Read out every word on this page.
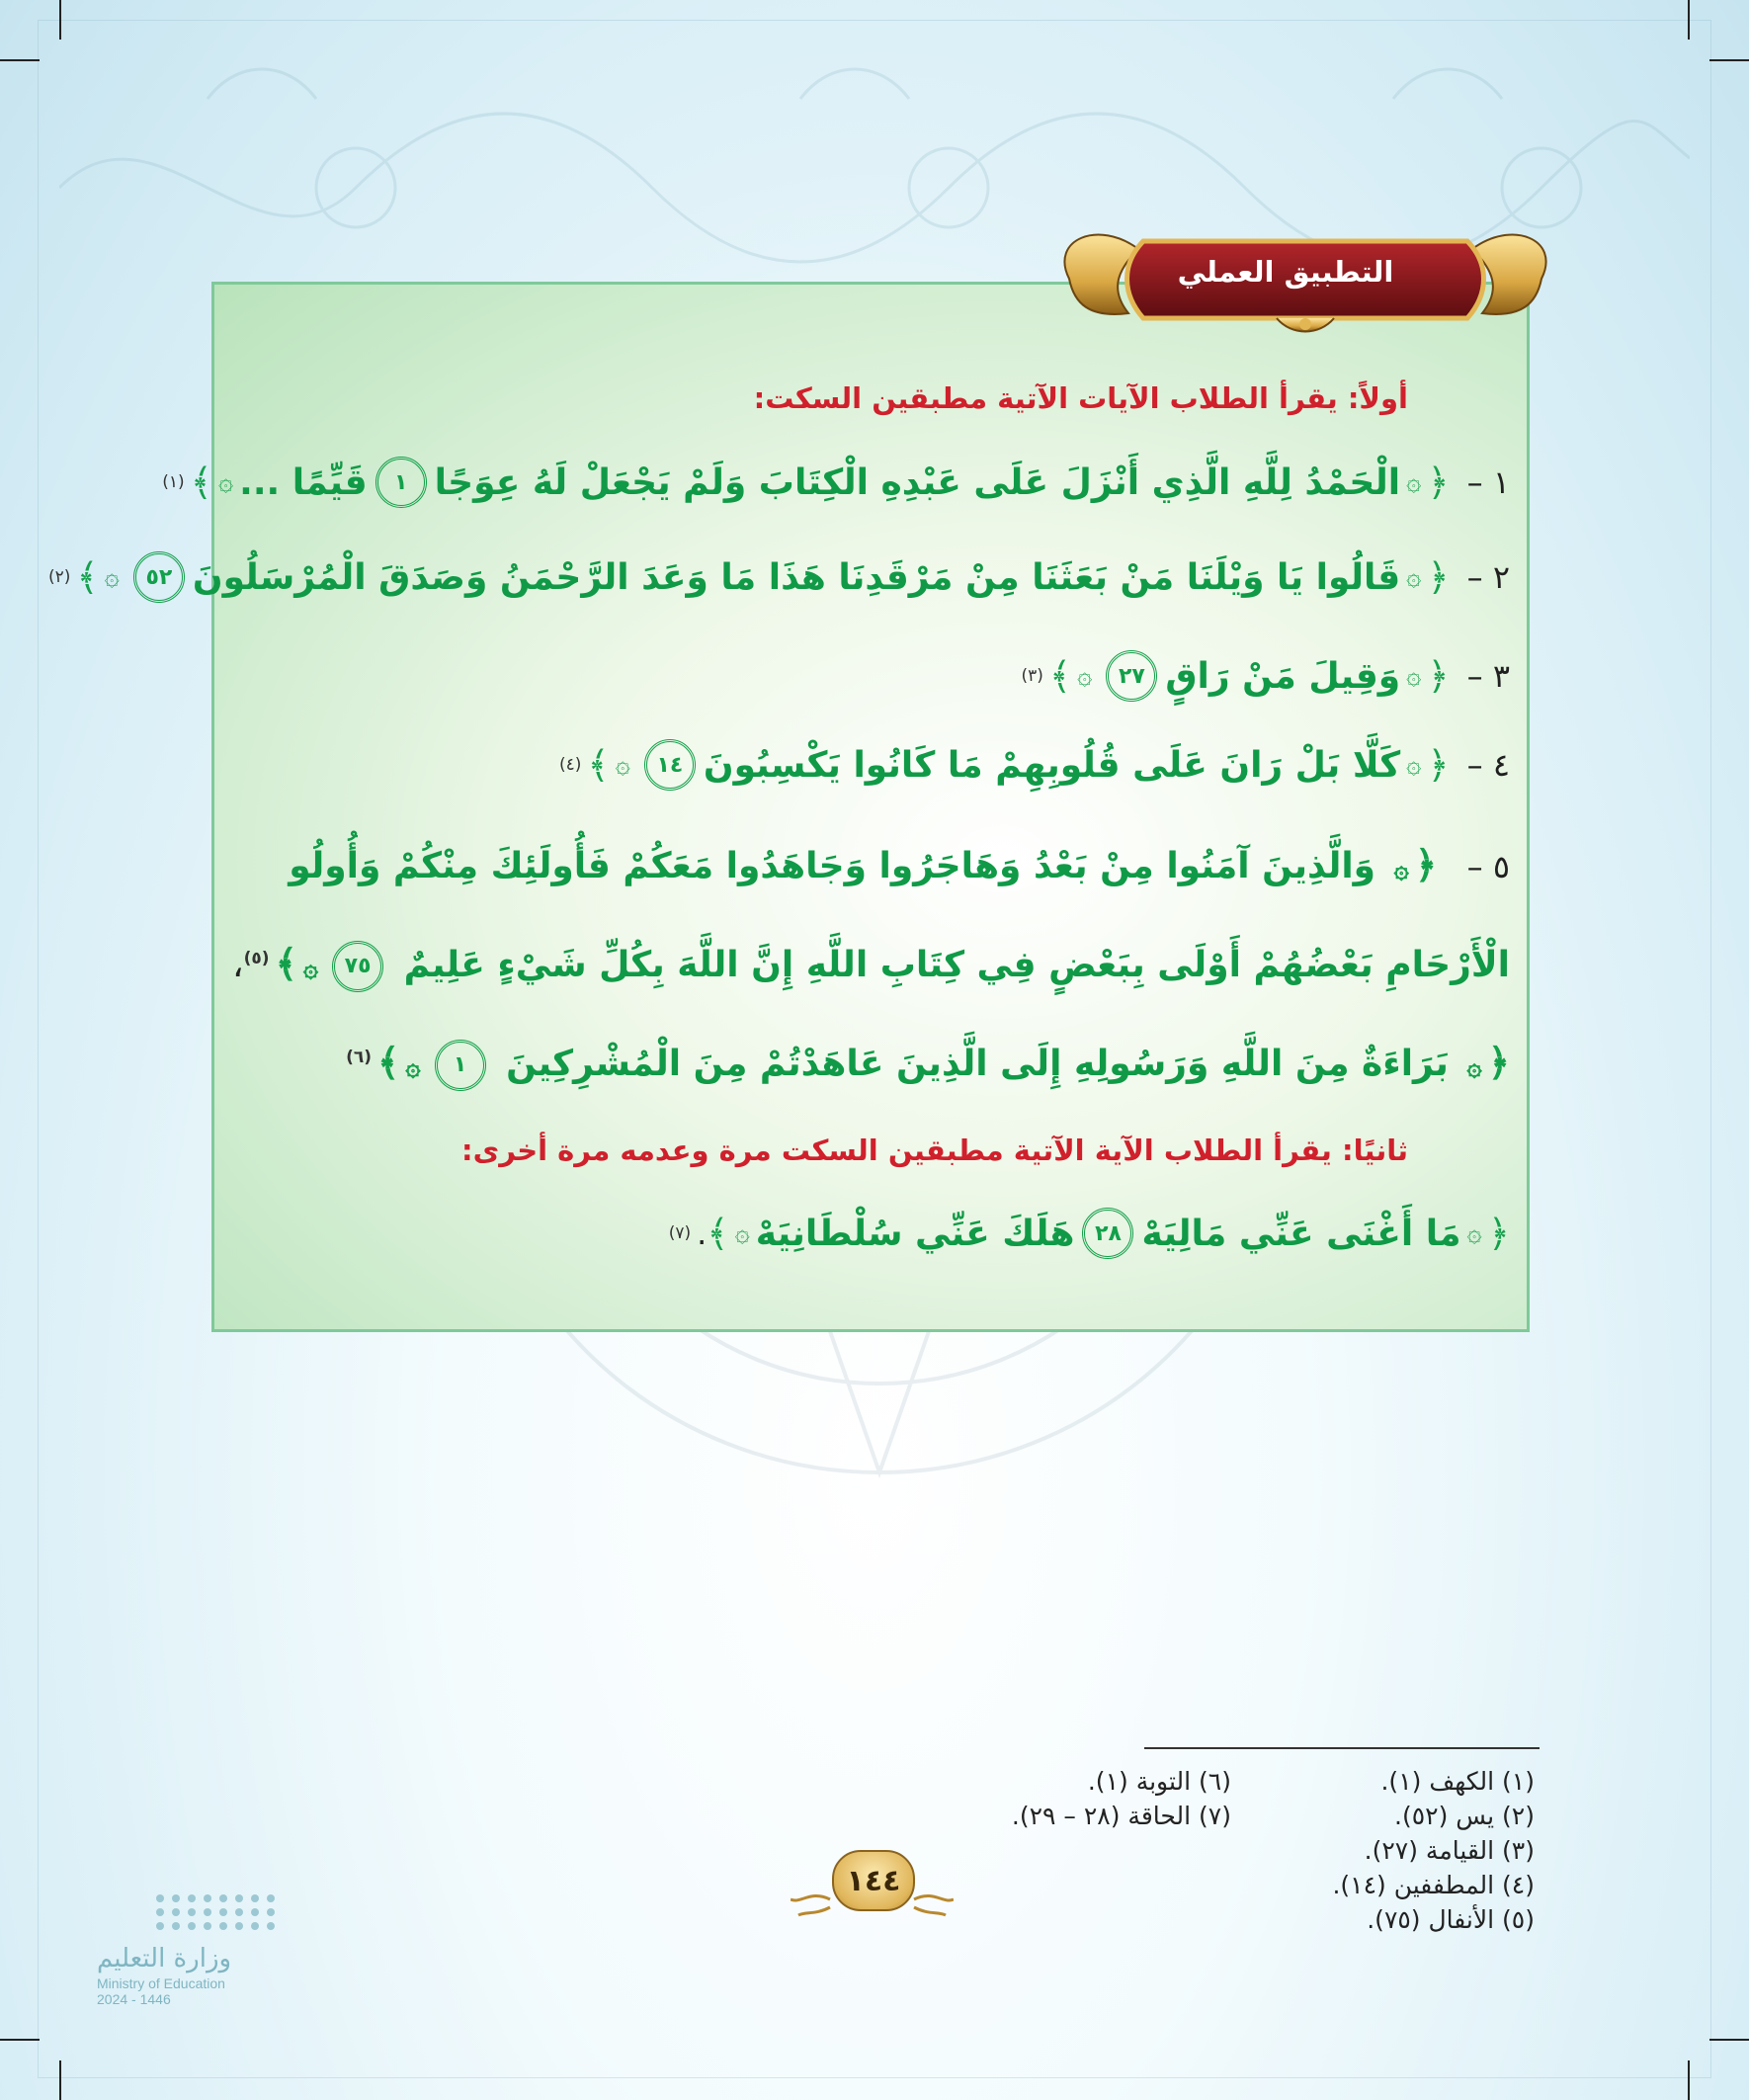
التطبيق العملي
أولاً: يقرأ الطلاب الآيات الآتية مطبقين السكت:
١ –
﴿
۞
الْحَمْدُ لِلَّهِ الَّذِي أَنْزَلَ عَلَى عَبْدِهِ الْكِتَابَ وَلَمْ يَجْعَلْ لَهُ عِوَجًا
١
قَيِّمًا ...
۞
﴾
(١)
٢ –
﴿
۞
قَالُوا يَا وَيْلَنَا مَنْ بَعَثَنَا مِنْ مَرْقَدِنَا هَذَا مَا وَعَدَ الرَّحْمَنُ وَصَدَقَ الْمُرْسَلُونَ
٥٢
۞
﴾
(٢)
٣ –
﴿
۞
وَقِيلَ مَنْ رَاقٍ
٢٧
۞
﴾
(٣)
٤ –
﴿
۞
كَلَّا بَلْ رَانَ عَلَى قُلُوبِهِمْ مَا كَانُوا يَكْسِبُونَ
١٤
۞
﴾
(٤)
٥ – ﴿۞ وَالَّذِينَ آمَنُوا مِنْ بَعْدُ وَهَاجَرُوا وَجَاهَدُوا مَعَكُمْ فَأُولَئِكَ مِنْكُمْ وَأُولُو الْأَرْحَامِ بَعْضُهُمْ أَوْلَى بِبَعْضٍ فِي كِتَابِ اللَّهِ إِنَّ اللَّهَ بِكُلِّ شَيْءٍ عَلِيمٌ ٧٥۞﴾$^{(٥)}$، ﴿۞ بَرَاءَةٌ مِنَ اللَّهِ وَرَسُولِهِ إِلَى الَّذِينَ عَاهَدْتُمْ مِنَ الْمُشْرِكِينَ ١۞﴾$^{(٦)}$
ثانيًا: يقرأ الطلاب الآية الآتية مطبقين السكت مرة وعدمه مرة أخرى:
﴿
۞
مَا أَغْنَى عَنِّي مَالِيَهْ
٢٨
هَلَكَ عَنِّي سُلْطَانِيَهْ
۞
﴾
.
(٧)
(١) الكهف (١).
(٢) يس (٥٢).
(٣) القيامة (٢٧).
(٤) المطففين (١٤).
(٥) الأنفال (٧٥).
(٦) التوبة (١).
(٧) الحاقة (٢٨ – ٢٩).
١٤٤
وزارة التعليم
Ministry of Education
2024 - 1446
